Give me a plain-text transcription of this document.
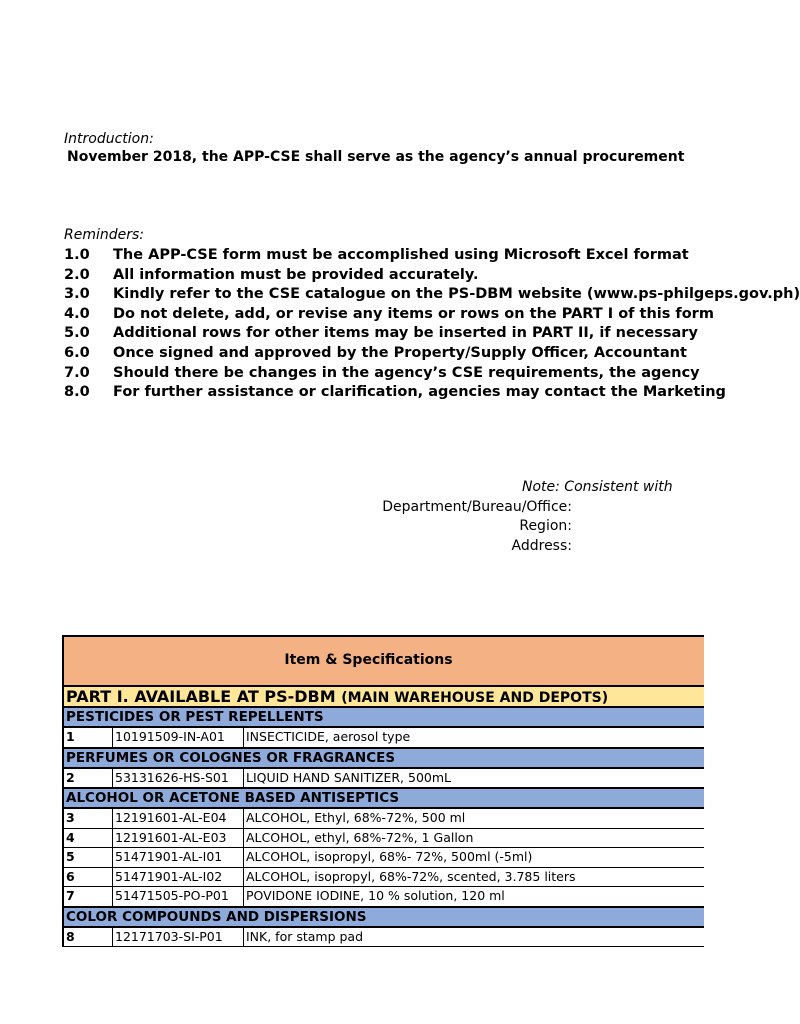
Introduction:
November 2018, the APP-CSE shall serve as the agency’s annual procurement
Reminders:
1.0 The APP-CSE form must be accomplished using Microsoft Excel format
2.0 All information must be provided accurately.
3.0 Kindly refer to the CSE catalogue on the PS-DBM website (www.ps-philgeps.gov.ph)
4.0 Do not delete, add, or revise any items or rows on the PART I of this form
5.0 Additional rows for other items may be inserted in PART II, if necessary
6.0 Once signed and approved by the Property/Supply Officer, Accountant
7.0 Should there be changes in the agency’s CSE requirements, the agency
8.0 For further assistance or clarification, agencies may contact the Marketing
Note: Consistent with
Department/Bureau/Office:
Region:
Address:
Item & Specifications
PART I. AVAILABLE AT PS-DBM (MAIN WAREHOUSE AND DEPOTS)
PESTICIDES OR PEST REPELLENTS
1	10191509-IN-A01	INSECTICIDE, aerosol type
PERFUMES OR COLOGNES OR FRAGRANCES
2	53131626-HS-S01	LIQUID HAND SANITIZER, 500mL
ALCOHOL OR ACETONE BASED ANTISEPTICS
3	12191601-AL-E04	ALCOHOL, Ethyl, 68%-72%, 500 ml
4	12191601-AL-E03	ALCOHOL, ethyl, 68%-72%, 1 Gallon
5	51471901-AL-I01	ALCOHOL, isopropyl, 68%- 72%, 500ml (-5ml)
6	51471901-AL-I02	ALCOHOL, isopropyl, 68%-72%, scented, 3.785 liters
7	51471505-PO-P01	POVIDONE IODINE, 10 % solution, 120 ml
COLOR COMPOUNDS AND DISPERSIONS
8	12171703-SI-P01	INK, for stamp pad
